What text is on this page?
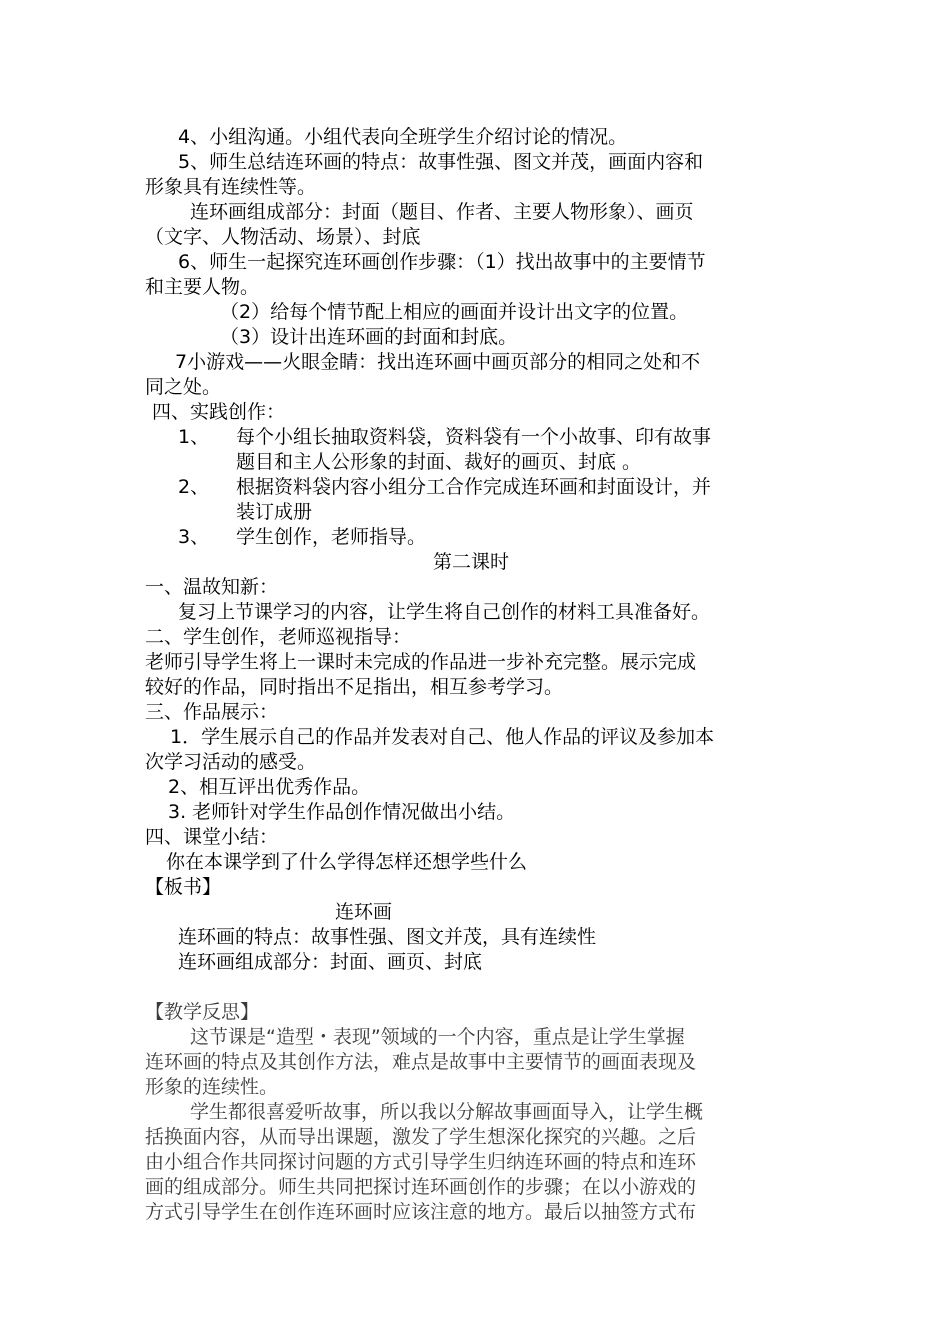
4、小组沟通。小组代表向全班学生介绍讨论的情况。
5、师生总结连环画的特点：故事性强、图文并茂，画面内容和
形象具有连续性等。
连环画组成部分：封面（题目、作者、主要人物形象）、画页
（文字、人物活动、场景）、封底
6、师生一起探究连环画创作步骤：（1）找出故事中的主要情节
和主要人物。
（2）给每个情节配上相应的画面并设计出文字的位置。
（3）设计出连环画的封面和封底。
7小游戏——火眼金睛：找出连环画中画页部分的相同之处和不
同之处。
四、实践创作：
1、 每个小组长抽取资料袋，资料袋有一个小故事、印有故事
题目和主人公形象的封面、裁好的画页、封底 。
2、 根据资料袋内容小组分工合作完成连环画和封面设计，并
装订成册
3、 学生创作，老师指导。
第二课时
一、温故知新：
复习上节课学习的内容，让学生将自己创作的材料工具准备好。
二、学生创作，老师巡视指导：
老师引导学生将上一课时未完成的作品进一步补充完整。展示完成
较好的作品，同时指出不足指出，相互参考学习。
三、作品展示：
1．学生展示自己的作品并发表对自己、他人作品的评议及参加本
次学习活动的感受。
2、相互评出优秀作品。
3. 老师针对学生作品创作情况做出小结。
四、课堂小结：
你在本课学到了什么学得怎样还想学些什么
【板书】
连环画
连环画的特点：故事性强、图文并茂，具有连续性
连环画组成部分：封面、画页、封底
【教学反思】
这节课是“造型・表现”领域的一个内容，重点是让学生掌握
连环画的特点及其创作方法，难点是故事中主要情节的画面表现及
形象的连续性。
学生都很喜爱听故事，所以我以分解故事画面导入，让学生概
括换面内容，从而导出课题，激发了学生想深化探究的兴趣。之后
由小组合作共同探讨问题的方式引导学生归纳连环画的特点和连环
画的组成部分。师生共同把探讨连环画创作的步骤；在以小游戏的
方式引导学生在创作连环画时应该注意的地方。最后以抽签方式布
